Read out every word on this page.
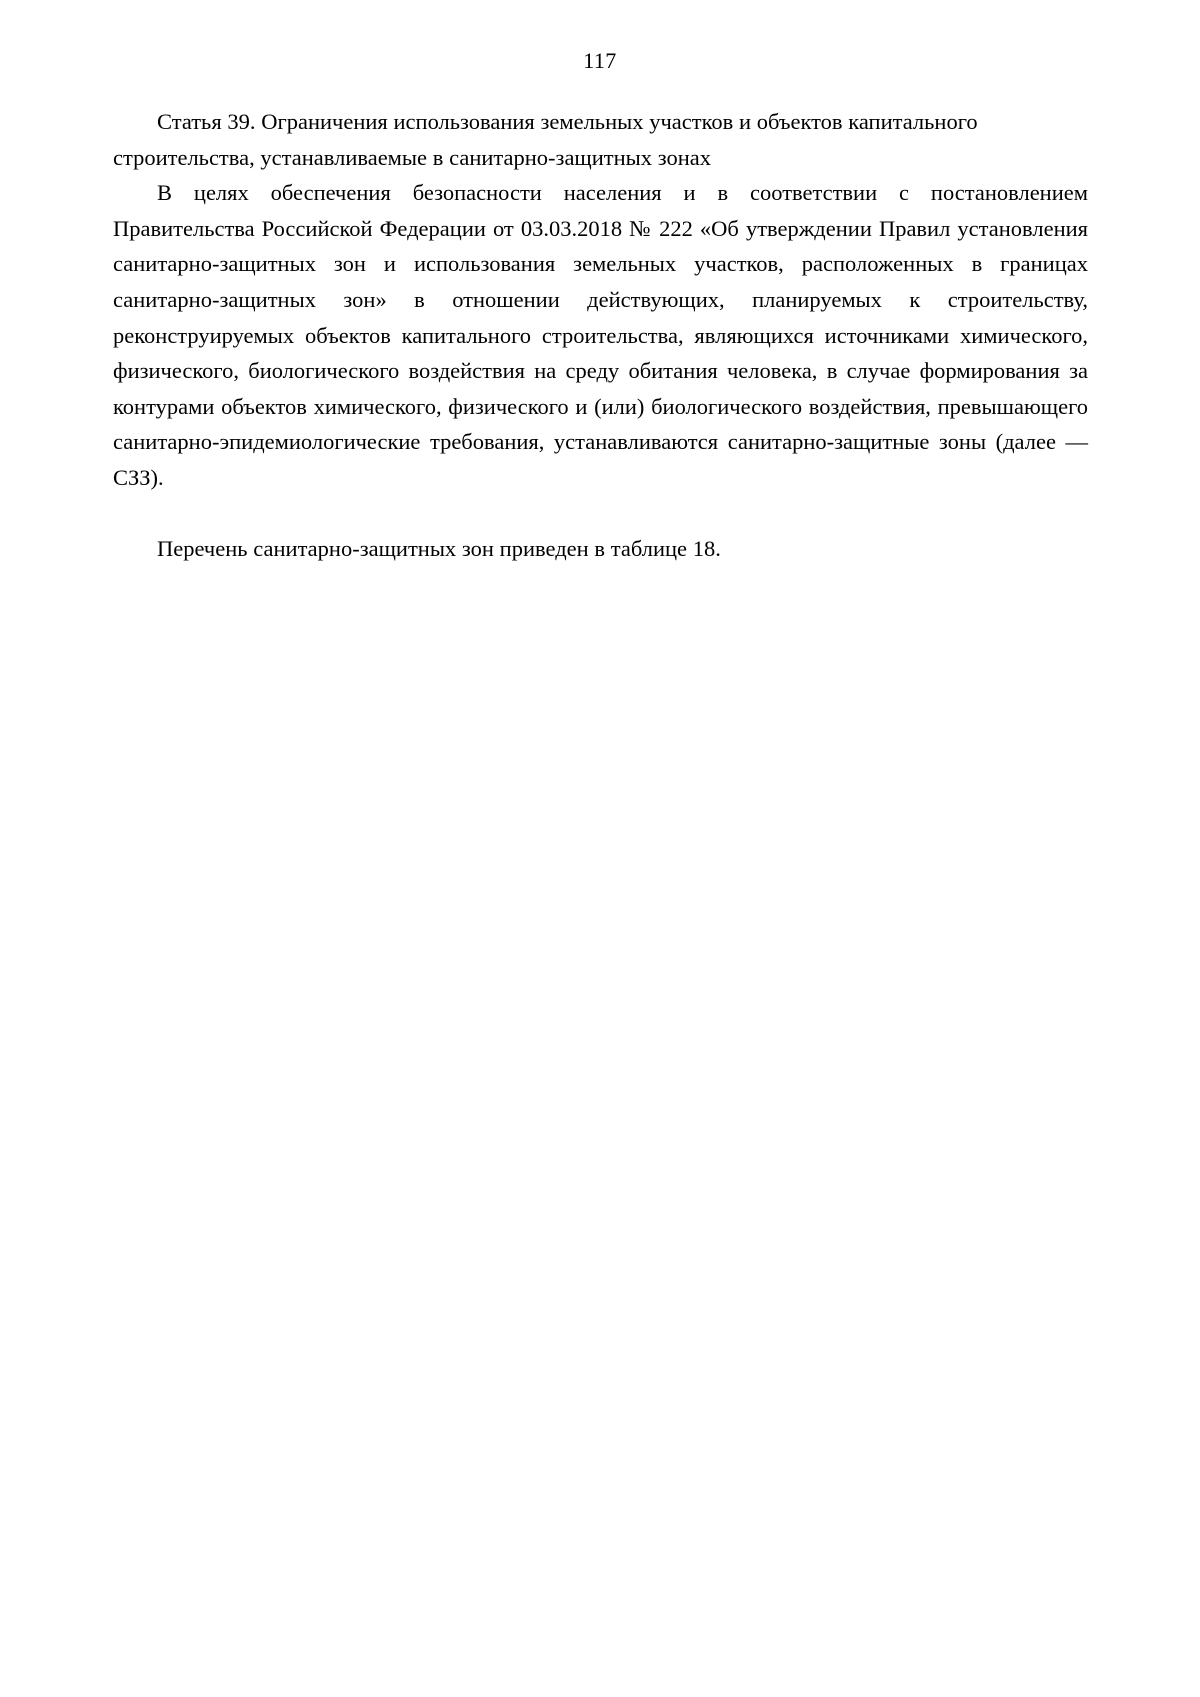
117

Статья 39. Ограничения использования земельных участков и объектов капитального строительства, устанавливаемые в санитарно-защитных зонах

В целях обеспечения безопасности населения и в соответствии с постановлением Правительства Российской Федерации от 03.03.2018 № 222 «Об утверждении Правил установления санитарно-защитных зон и использования земельных участков, расположенных в границах санитарно-защитных зон» в отношении действующих, планируемых к строительству, реконструируемых объектов капитального строительства, являющихся источниками химического, физического, биологического воздействия на среду обитания человека, в случае формирования за контурами объектов химического, физического и (или) биологического воздействия, превышающего санитарно-эпидемиологические требования, устанавливаются санитарно-защитные зоны (далее — СЗЗ).

Перечень санитарно-защитных зон приведен в таблице 18.
